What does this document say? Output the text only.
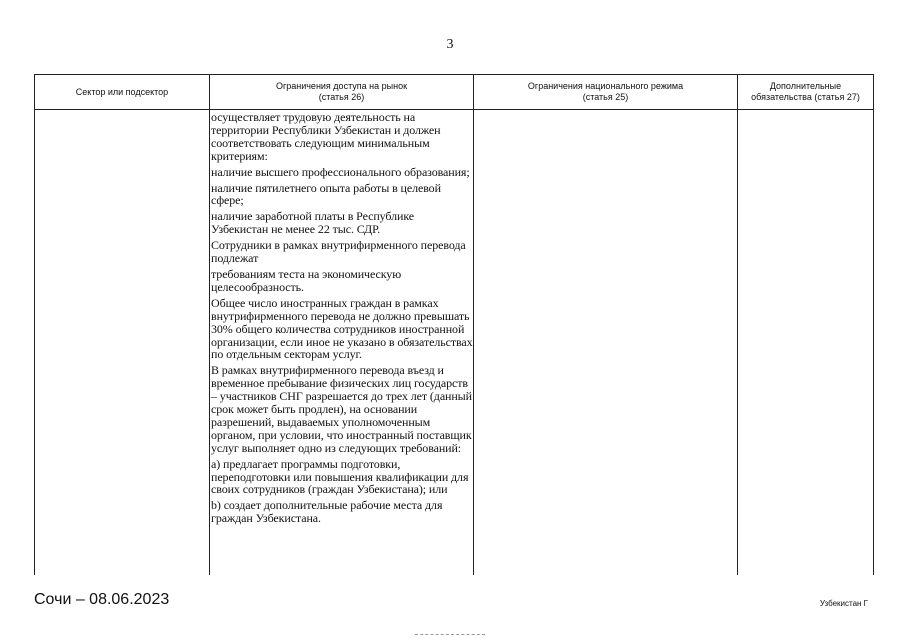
3
Сектор или подсектор
Ограничения доступа на рынок
(статья 26)
Ограничения национального режима
(статья 25)
Дополнительные
обязательства (статья 27)

осуществляет трудовую деятельность на территории Республики Узбекистан и должен соответствовать следующим минимальным критериям:

наличие высшего профессионального образования;

наличие пятилетнего опыта работы в целевой сфере;

наличие заработной платы в Республике Узбекистан не менее 22 тыс. СДР.

Сотрудники в рамках внутрифирменного перевода подлежат

требованиям теста на экономическую целесообразность.

Общее число иностранных граждан в рамках внутрифирменного перевода не должно превышать 30% общего количества сотрудников иностранной организации, если иное не указано в обязательствах по отдельным секторам услуг.

В рамках внутрифирменного перевода въезд и временное пребывание физических лиц государств – участников СНГ разрешается до трех лет (данный срок может быть продлен), на основании разрешений, выдаваемых уполномоченным органом, при условии, что иностранный поставщик услуг выполняет одно из следующих требований:

а) предлагает программы подготовки, переподготовки или повышения квалификации для своих сотрудников (граждан Узбекистана); или

b) создает дополнительные рабочие места для граждан Узбекистана.

Сочи – 08.06.2023	Узбекистан Г
